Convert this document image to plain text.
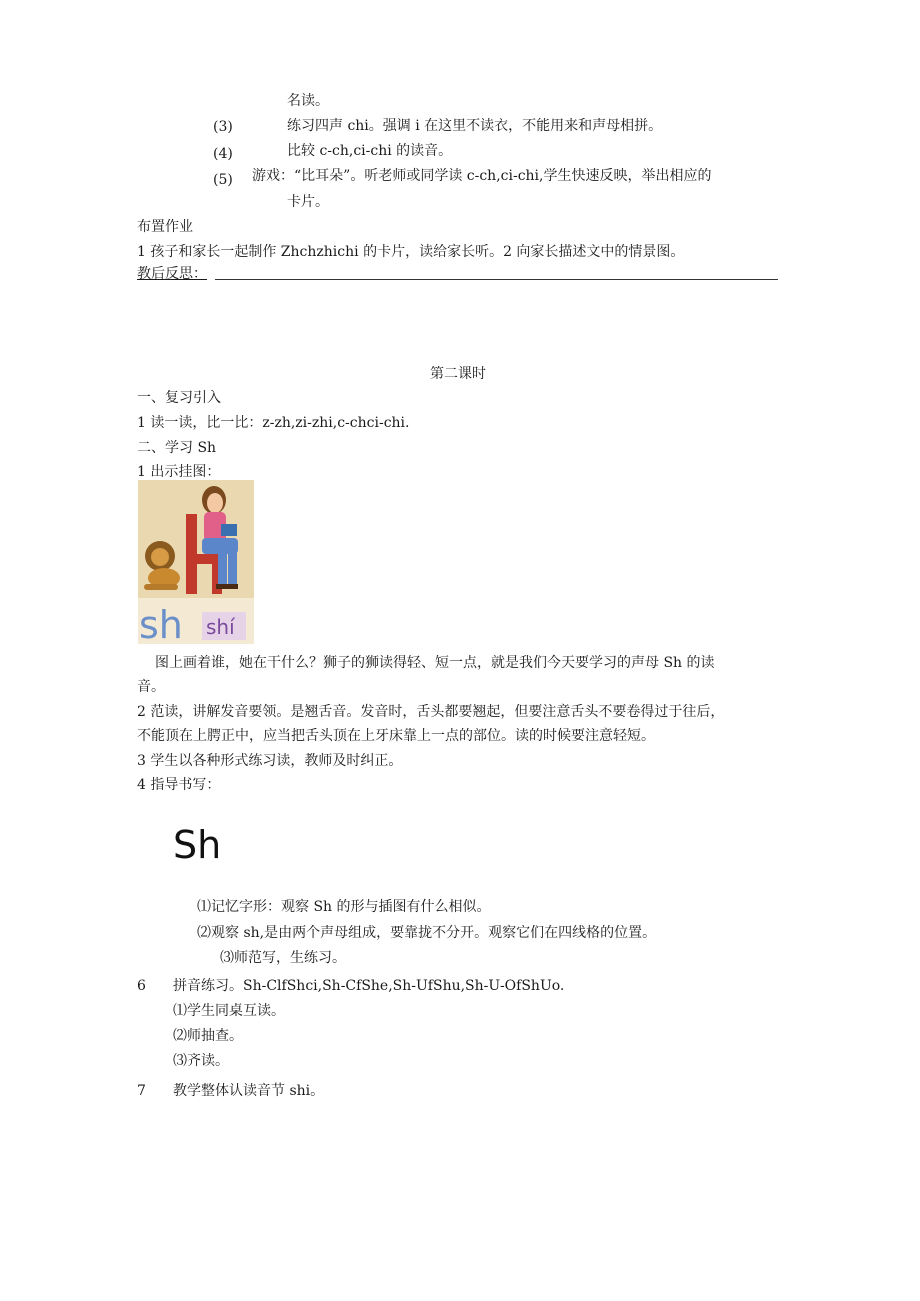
名读。
(3)	练习四声 chi。强调 i 在这里不读衣，不能用来和声母相拼。
(4)	比较 c-ch,ci-chi 的读音。
(5) 游戏：“比耳朵”。听老师或同学读 c-ch,ci-chi,学生快速反映，举出相应的
卡片。
布置作业
1 孩子和家长一起制作 Zhchzhichi 的卡片，读给家长听。2 向家长描述文中的情景图。
教后反思：
第二课时
一、复习引入
1 读一读，比一比：z-zh,zi-zhi,c-chci-chi.
二、学习 Sh
1 出示挂图：
sh shí
图上画着谁，她在干什么？狮子的狮读得轻、短一点，就是我们今天要学习的声母 Sh 的读
音。
2 范读，讲解发音要领。是翘舌音。发音时，舌头都要翘起，但要注意舌头不要卷得过于往后，
不能顶在上腭正中，应当把舌头顶在上牙床靠上一点的部位。读的时候要注意轻短。
3 学生以各种形式练习读，教师及时纠正。
4 指导书写：
Sh
⑴记忆字形：观察 Sh 的形与插图有什么相似。
⑵观察 sh,是由两个声母组成，要靠拢不分开。观察它们在四线格的位置。
⑶师范写，生练习。
6 拼音练习。Sh-ClfShci,Sh-CfShe,Sh-UfShu,Sh-U-OfShUo.
⑴学生同桌互读。
⑵师抽查。
⑶齐读。
7 教学整体认读音节 shi。
